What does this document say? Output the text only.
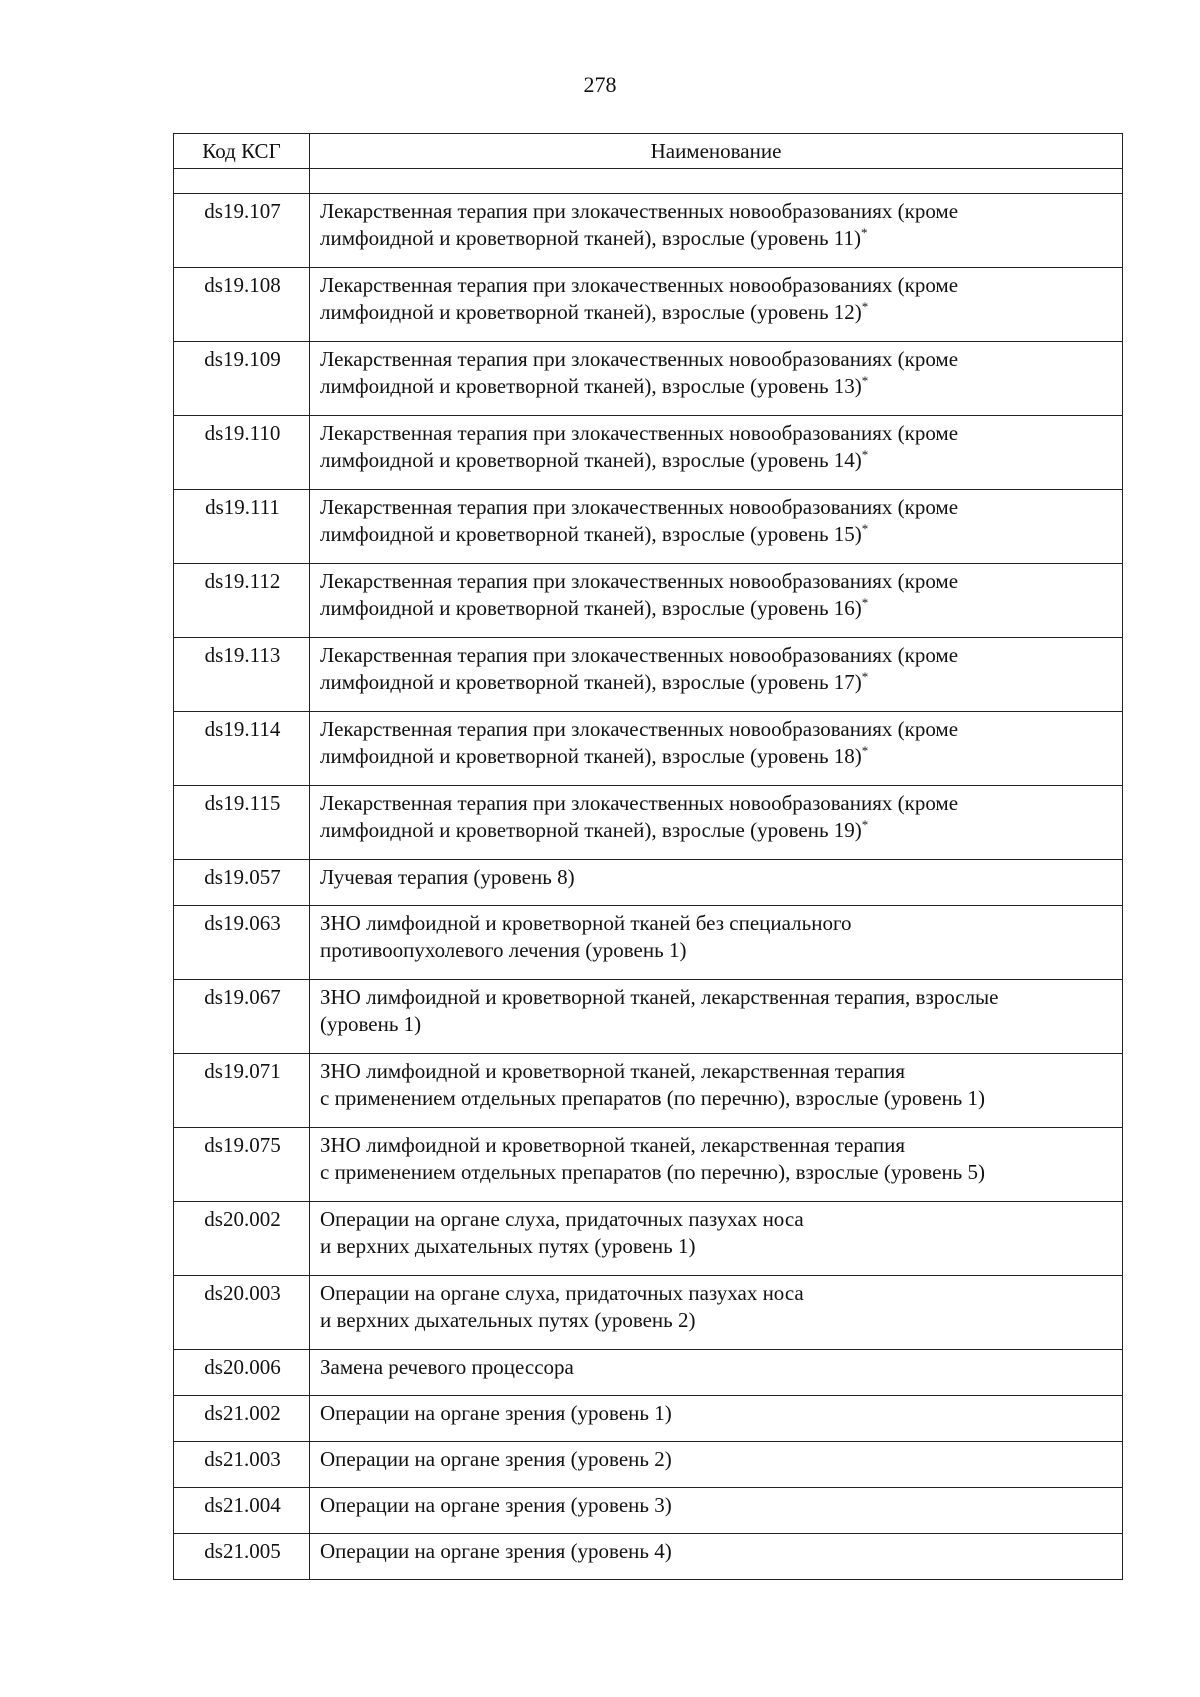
278
Код КСГ	Наименование

ds19.107	Лекарственная терапия при злокачественных новообразованиях (кроме
лимфоидной и кроветворной тканей), взрослые (уровень 11)*
ds19.108	Лекарственная терапия при злокачественных новообразованиях (кроме
лимфоидной и кроветворной тканей), взрослые (уровень 12)*
ds19.109	Лекарственная терапия при злокачественных новообразованиях (кроме
лимфоидной и кроветворной тканей), взрослые (уровень 13)*
ds19.110	Лекарственная терапия при злокачественных новообразованиях (кроме
лимфоидной и кроветворной тканей), взрослые (уровень 14)*
ds19.111	Лекарственная терапия при злокачественных новообразованиях (кроме
лимфоидной и кроветворной тканей), взрослые (уровень 15)*
ds19.112	Лекарственная терапия при злокачественных новообразованиях (кроме
лимфоидной и кроветворной тканей), взрослые (уровень 16)*
ds19.113	Лекарственная терапия при злокачественных новообразованиях (кроме
лимфоидной и кроветворной тканей), взрослые (уровень 17)*
ds19.114	Лекарственная терапия при злокачественных новообразованиях (кроме
лимфоидной и кроветворной тканей), взрослые (уровень 18)*
ds19.115	Лекарственная терапия при злокачественных новообразованиях (кроме
лимфоидной и кроветворной тканей), взрослые (уровень 19)*
ds19.057	Лучевая терапия (уровень 8)
ds19.063	ЗНО лимфоидной и кроветворной тканей без специального
противоопухолевого лечения (уровень 1)
ds19.067	ЗНО лимфоидной и кроветворной тканей, лекарственная терапия, взрослые
(уровень 1)
ds19.071	ЗНО лимфоидной и кроветворной тканей, лекарственная терапия
с применением отдельных препаратов (по перечню), взрослые (уровень 1)
ds19.075	ЗНО лимфоидной и кроветворной тканей, лекарственная терапия
с применением отдельных препаратов (по перечню), взрослые (уровень 5)
ds20.002	Операции на органе слуха, придаточных пазухах носа
и верхних дыхательных путях (уровень 1)
ds20.003	Операции на органе слуха, придаточных пазухах носа
и верхних дыхательных путях (уровень 2)
ds20.006	Замена речевого процессора
ds21.002	Операции на органе зрения (уровень 1)
ds21.003	Операции на органе зрения (уровень 2)
ds21.004	Операции на органе зрения (уровень 3)
ds21.005	Операции на органе зрения (уровень 4)
